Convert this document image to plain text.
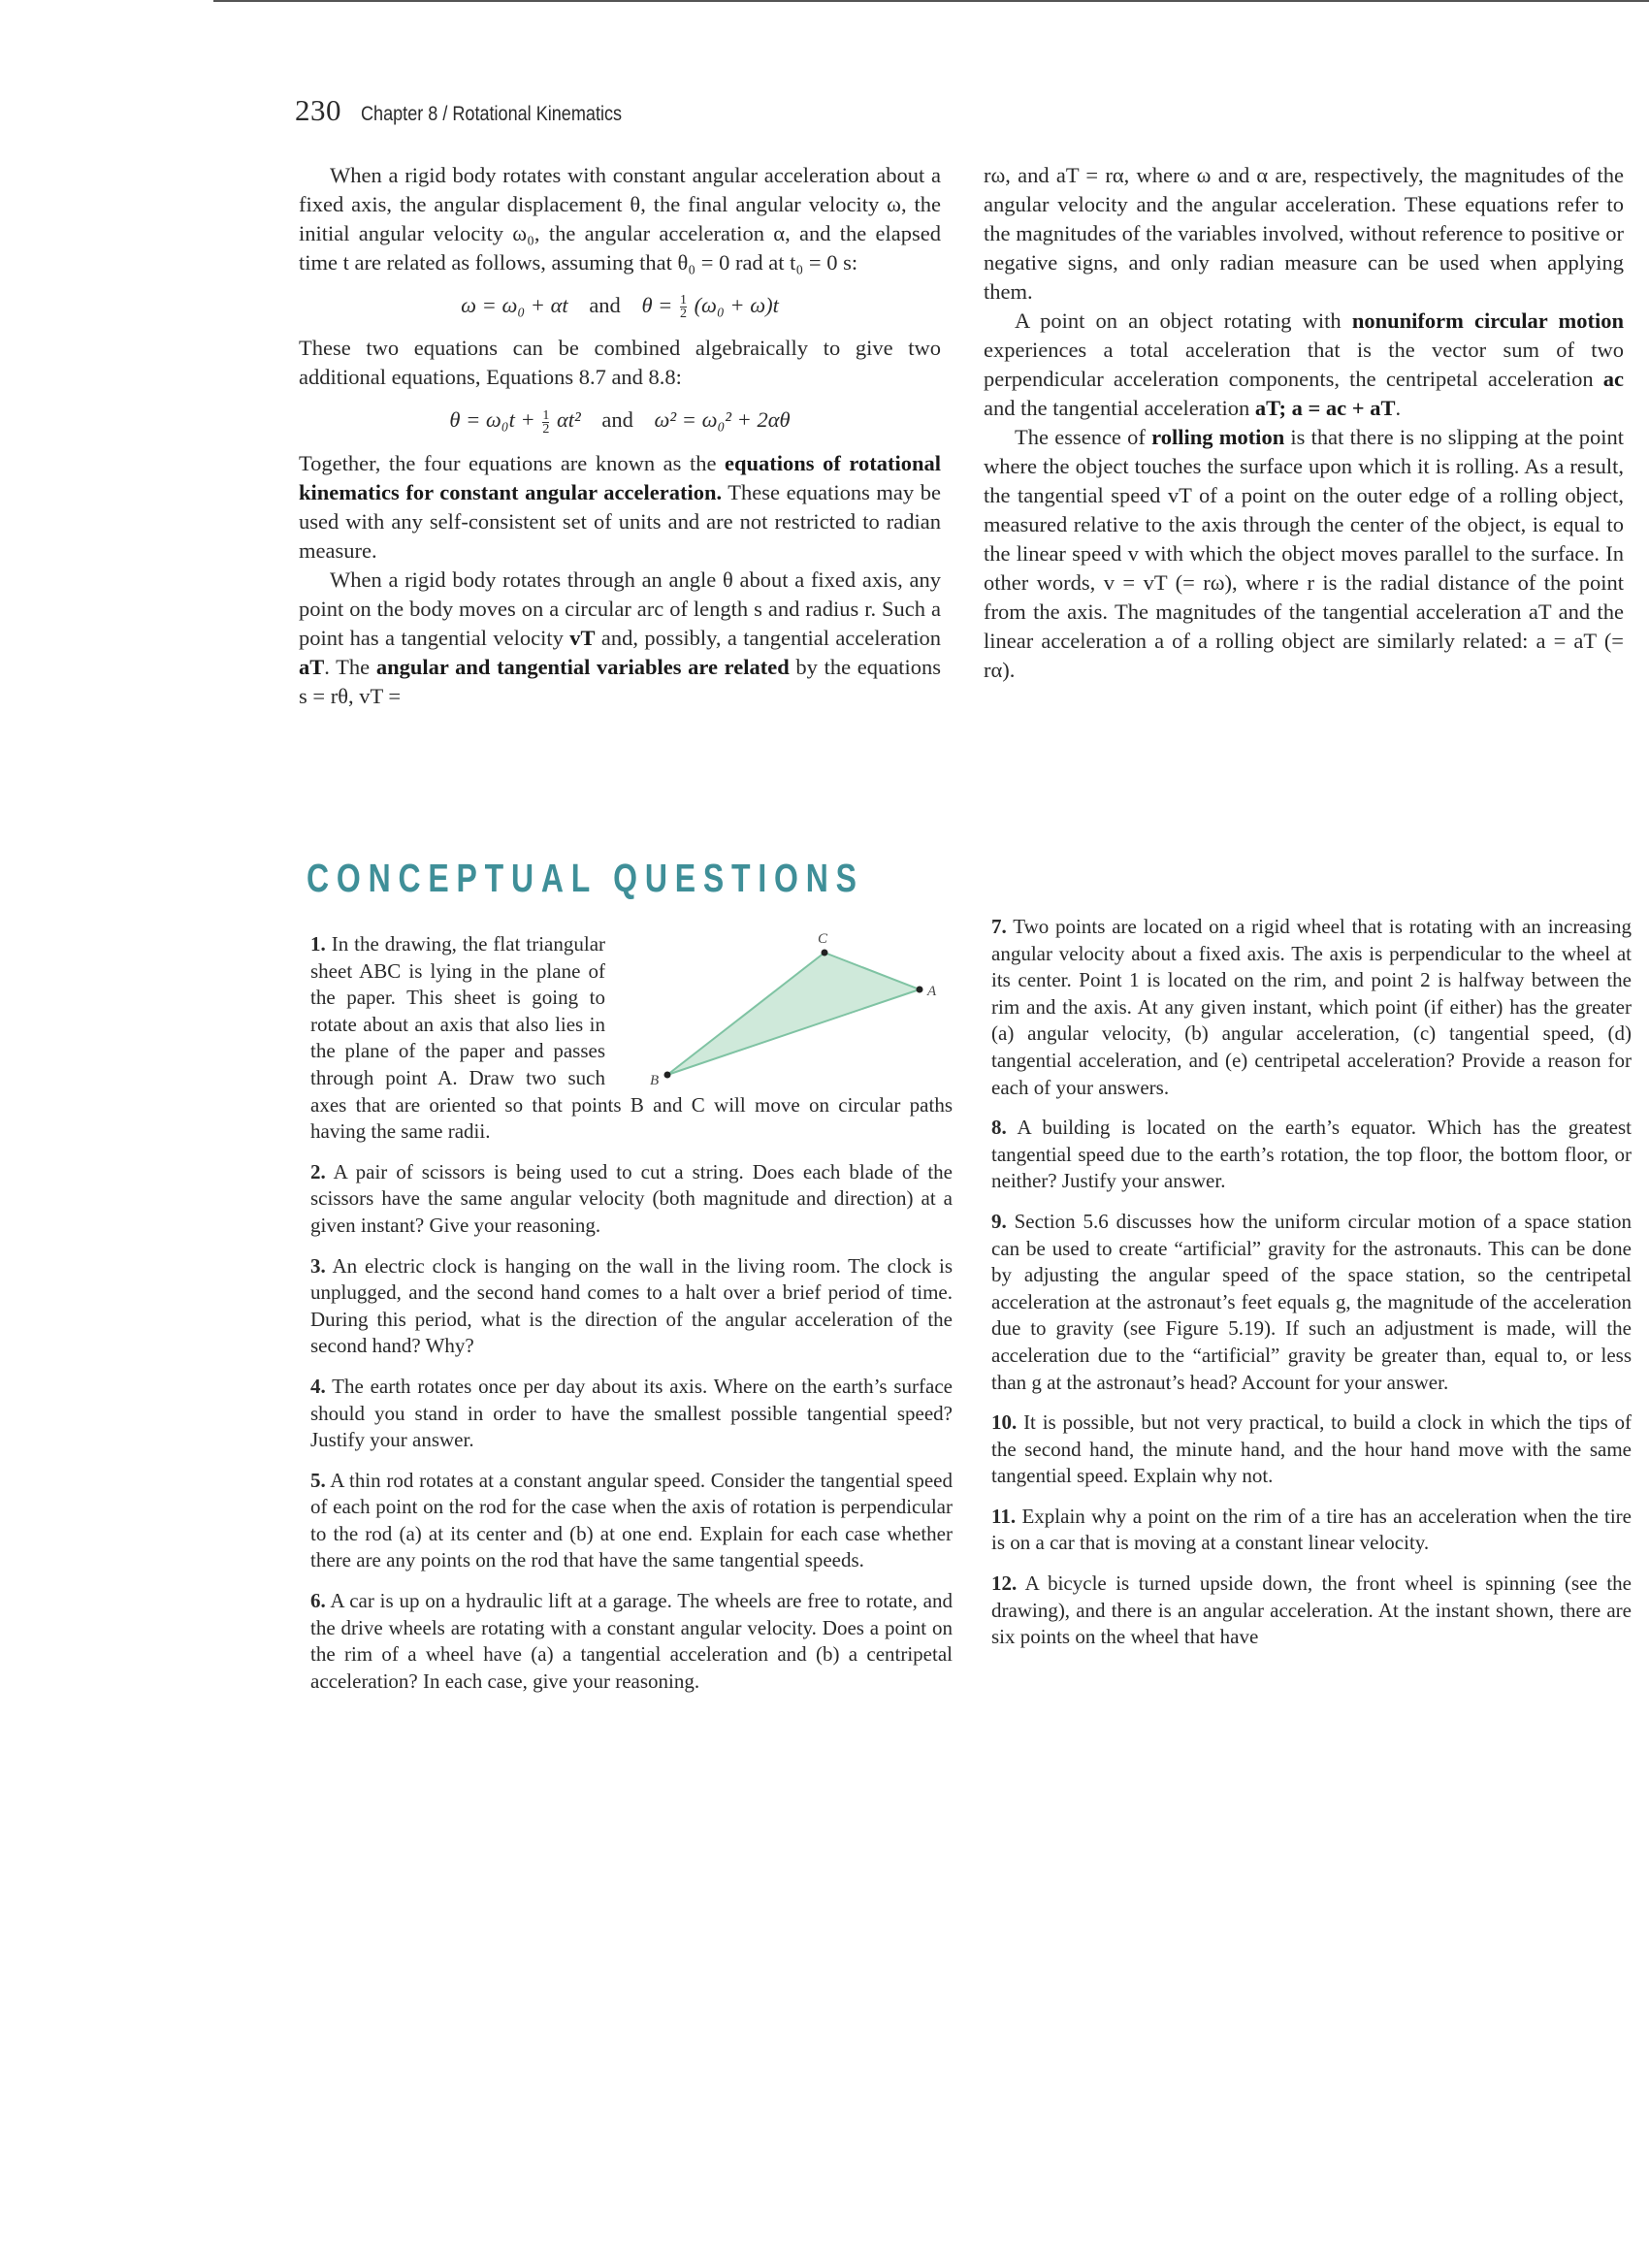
230 Chapter 8 / Rotational Kinematics

When a rigid body rotates with constant angular acceleration about a fixed axis, the angular displacement θ, the final angular velocity ω, the initial angular velocity ω₀, the angular acceleration α, and the elapsed time t are related as follows, assuming that θ₀ = 0 rad at t₀ = 0 s:

ω = ω₀ + αt and $\theta = \frac{1}{2} (\omega_0 + \omega)t$

These two equations can be combined algebraically to give two additional equations, Equations 8.7 and 8.8:

$\theta = \omega_0t + \frac{1}{2} \alpha t^2$ and ω² = ω₀² + 2αθ

Together, the four equations are known as the equations of rotational kinematics for constant angular acceleration. These equations may be used with any self-consistent set of units and are not restricted to radian measure.

When a rigid body rotates through an angle θ about a fixed axis, any point on the body moves on a circular arc of length s and radius r. Such a point has a tangential velocity vT and, possibly, a tangential acceleration aT. The angular and tangential variables are related by the equations s = rθ, vT =

rω, and aT = rα, where ω and α are, respectively, the magnitudes of the angular velocity and the angular acceleration. These equations refer to the magnitudes of the variables involved, without reference to positive or negative signs, and only radian measure can be used when applying them.

A point on an object rotating with nonuniform circular motion experiences a total acceleration that is the vector sum of two perpendicular acceleration components, the centripetal acceleration ac and the tangential acceleration aT; a = ac + aT.

The essence of rolling motion is that there is no slipping at the point where the object touches the surface upon which it is rolling. As a result, the tangential speed vT of a point on the outer edge of a rolling object, measured relative to the axis through the center of the object, is equal to the linear speed v with which the object moves parallel to the surface. In other words, v = vT (= rω), where r is the radial distance of the point from the axis. The magnitudes of the tangential acceleration aT and the linear acceleration a of a rolling object are similarly related: a = aT (= rα).

CONCEPTUAL QUESTIONS
C
A
B
1. In the drawing, the flat triangular sheet ABC is lying in the plane of the paper. This sheet is going to rotate about an axis that also lies in the plane of the paper and passes through point A. Draw two such axes that are oriented so that points B and C will move on circular paths having the same radii.
2. A pair of scissors is being used to cut a string. Does each blade of the scissors have the same angular velocity (both magnitude and direction) at a given instant? Give your reasoning.
3. An electric clock is hanging on the wall in the living room. The clock is unplugged, and the second hand comes to a halt over a brief period of time. During this period, what is the direction of the angular acceleration of the second hand? Why?
4. The earth rotates once per day about its axis. Where on the earth’s surface should you stand in order to have the smallest possible tangential speed? Justify your answer.
5. A thin rod rotates at a constant angular speed. Consider the tangential speed of each point on the rod for the case when the axis of rotation is perpendicular to the rod (a) at its center and (b) at one end. Explain for each case whether there are any points on the rod that have the same tangential speeds.
6. A car is up on a hydraulic lift at a garage. The wheels are free to rotate, and the drive wheels are rotating with a constant angular velocity. Does a point on the rim of a wheel have (a) a tangential acceleration and (b) a centripetal acceleration? In each case, give your reasoning.
7. Two points are located on a rigid wheel that is rotating with an increasing angular velocity about a fixed axis. The axis is perpendicular to the wheel at its center. Point 1 is located on the rim, and point 2 is halfway between the rim and the axis. At any given instant, which point (if either) has the greater (a) angular velocity, (b) angular acceleration, (c) tangential speed, (d) tangential acceleration, and (e) centripetal acceleration? Provide a reason for each of your answers.
8. A building is located on the earth’s equator. Which has the greatest tangential speed due to the earth’s rotation, the top floor, the bottom floor, or neither? Justify your answer.
9. Section 5.6 discusses how the uniform circular motion of a space station can be used to create “artificial” gravity for the astronauts. This can be done by adjusting the angular speed of the space station, so the centripetal acceleration at the astronaut’s feet equals g, the magnitude of the acceleration due to gravity (see Figure 5.19). If such an adjustment is made, will the acceleration due to the “artificial” gravity be greater than, equal to, or less than g at the astronaut’s head? Account for your answer.
10. It is possible, but not very practical, to build a clock in which the tips of the second hand, the minute hand, and the hour hand move with the same tangential speed. Explain why not.
11. Explain why a point on the rim of a tire has an acceleration when the tire is on a car that is moving at a constant linear velocity.
12. A bicycle is turned upside down, the front wheel is spinning (see the drawing), and there is an angular acceleration. At the instant shown, there are six points on the wheel that have
